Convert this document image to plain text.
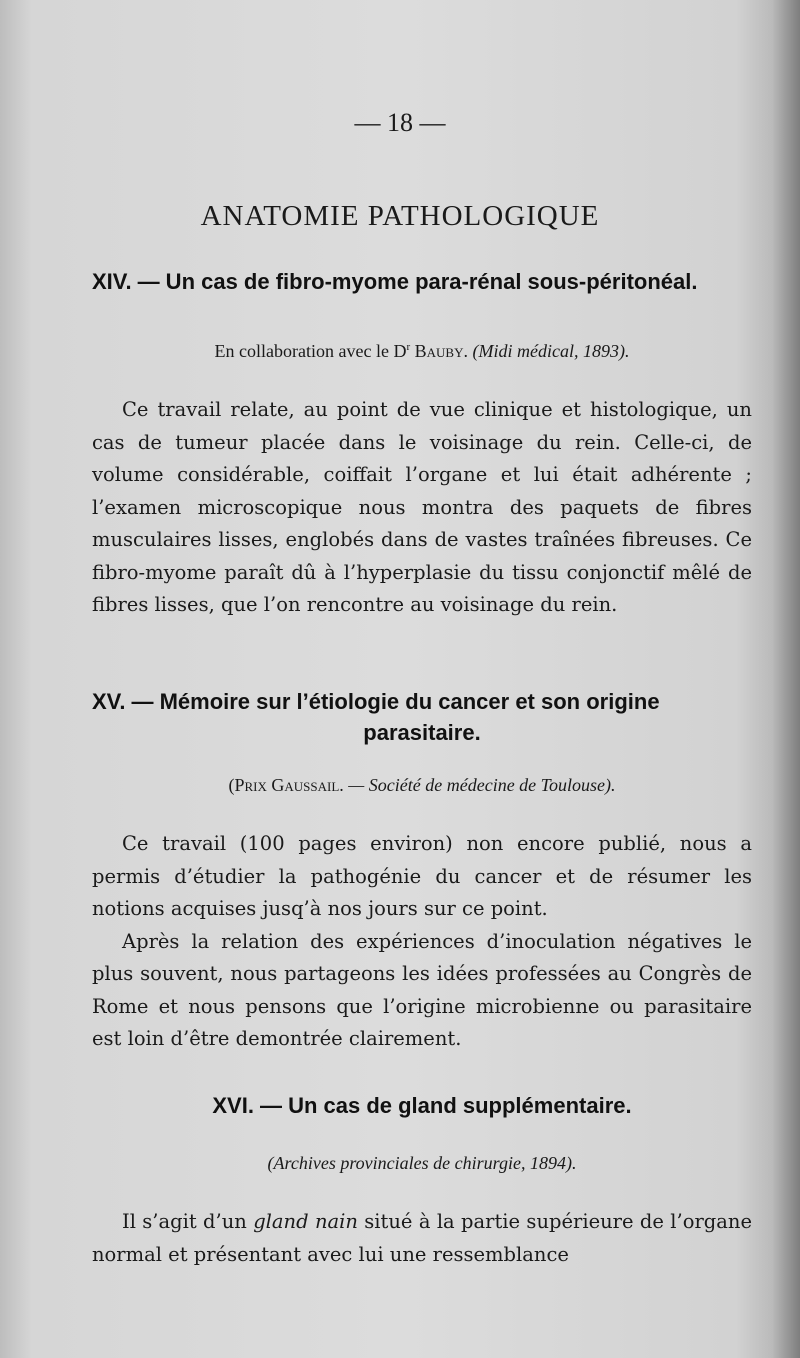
— 18 —
ANATOMIE PATHOLOGIQUE
XIV. — Un cas de fibro-myome para-rénal sous-péritonéal.
En collaboration avec le $D^r$ Bauby. (Midi médical, 1893).

Ce travail relate, au point de vue clinique et histologique, un cas de tumeur placée dans le voisinage du rein. Celle-ci, de volume considérable, coiffait l’organe et lui était adhérente ; l’examen microscopique nous montra des paquets de fibres musculaires lisses, englobés dans de vastes traînées fibreuses. Ce fibro-myome paraît dû à l’hyperplasie du tissu conjonctif mêlé de fibres lisses, que l’on rencontre au voisinage du rein.

XV. — Mémoire sur l’étiologie du cancer et son origine
parasitaire.
(Prix Gaussail. — Société de médecine de Toulouse).

Ce travail (100 pages environ) non encore publié, nous a permis d’étudier la pathogénie du cancer et de résumer les notions acquises jusq’à nos jours sur ce point.

Après la relation des expériences d’inoculation négatives le plus souvent, nous partageons les idées professées au Congrès de Rome et nous pensons que l’origine microbienne ou parasitaire est loin d’être demontrée clairement.

XVI. — Un cas de gland supplémentaire.
(Archives provinciales de chirurgie, 1894).

Il s’agit d’un gland nain situé à la partie supérieure de l’organe normal et présentant avec lui une ressemblance
